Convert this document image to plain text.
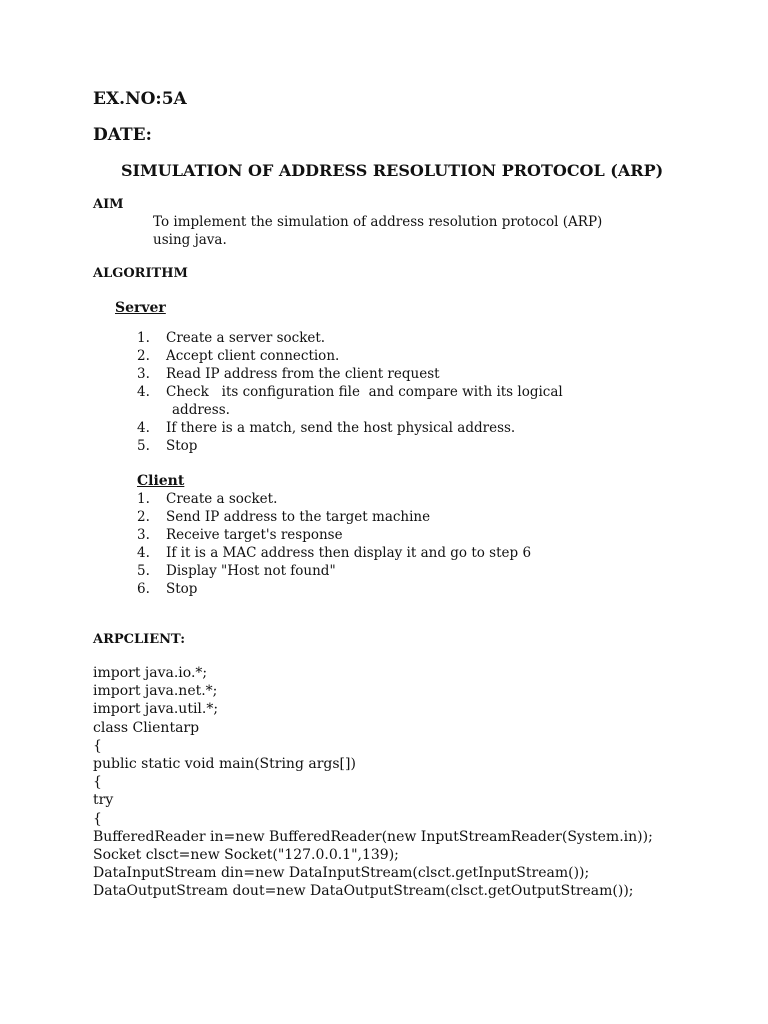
EX.NO:5A
DATE:
SIMULATION OF ADDRESS RESOLUTION PROTOCOL (ARP)
AIM
To implement the simulation of address resolution protocol (ARP)
using java.
ALGORITHM
Server
1. Create a server socket.
2. Accept client connection.
3. Read IP address from the client request
4. Check   its configuration file  and compare with its logical
address.
4. If there is a match, send the host physical address.
5. Stop
Client
1. Create a socket.
2. Send IP address to the target machine
3. Receive target's response
4. If it is a MAC address then display it and go to step 6
5. Display "Host not found"
6. Stop
ARPCLIENT:
import java.io.*;
import java.net.*;
import java.util.*;
class Clientarp
{
public static void main(String args[])
{
try
{
BufferedReader in=new BufferedReader(new InputStreamReader(System.in));
Socket clsct=new Socket("127.0.0.1",139);
DataInputStream din=new DataInputStream(clsct.getInputStream());
DataOutputStream dout=new DataOutputStream(clsct.getOutputStream());
